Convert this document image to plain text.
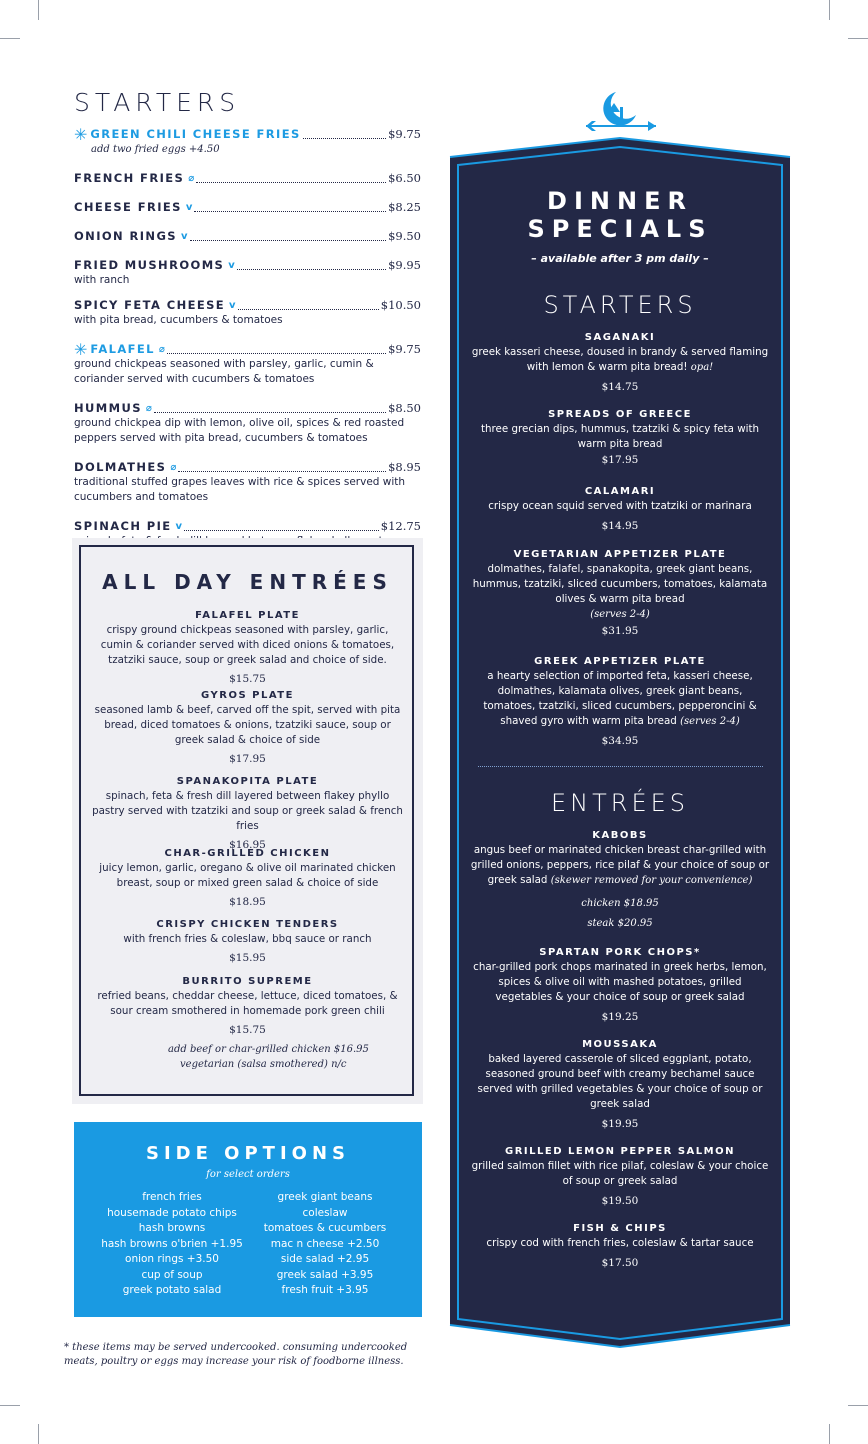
STARTERS
✳ GREEN CHILI CHEESE FRIES	$9.75
add two fried eggs +4.50
FRENCH FRIES ⌀	$6.50
CHEESE FRIES v	$8.25
ONION RINGS v	$9.50
FRIED MUSHROOMS v	$9.95
with ranch
SPICY FETA CHEESE v	$10.50
with pita bread, cucumbers & tomatoes
✳ FALAFEL ⌀	$9.75
ground chickpeas seasoned with parsley, garlic, cumin & coriander served with cucumbers & tomatoes
HUMMUS ⌀	$8.50
ground chickpea dip with lemon, olive oil, spices & red roasted peppers served with pita bread, cucumbers & tomatoes
DOLMATHES ⌀	$8.95
traditional stuffed grapes leaves with rice & spices served with cucumbers and tomatoes
SPINACH PIE v	$12.75
ALL DAY ENTRÉES
FALAFEL PLATE
crispy ground chickpeas seasoned with parsley, garlic, cumin & coriander served with diced onions & tomatoes, tzatziki sauce, soup or greek salad and choice of side.
$15.75
GYROS PLATE
seasoned lamb & beef, carved off the spit, served with pita bread, diced tomatoes & onions, tzatziki sauce, soup or greek salad & choice of side
$17.95
SPANAKOPITA PLATE
spinach, feta & fresh dill layered between flakey phyllo pastry served with tzatziki and soup or greek salad & french fries
$16.95
CHAR-GRILLED CHICKEN
juicy lemon, garlic, oregano & olive oil marinated chicken breast, soup or mixed green salad & choice of side
$18.95
CRISPY CHICKEN TENDERS
with french fries & coleslaw, bbq sauce or ranch
$15.95
BURRITO SUPREME
refried beans, cheddar cheese, lettuce, diced tomatoes, & sour cream smothered in homemade pork green chili
$15.75
add beef or char-grilled chicken $16.95
vegetarian (salsa smothered) n/c
SIDE OPTIONS
for select orders
french fries
housemade potato chips
hash browns
hash browns o'brien +1.95
onion rings +3.50
cup of soup
greek potato salad
greek giant beans
coleslaw
tomatoes & cucumbers
mac n cheese +2.50
side salad +2.95
greek salad +3.95
fresh fruit +3.95
* these items may be served undercooked. consuming undercooked meats, poultry or eggs may increase your risk of foodborne illness.
DINNER
SPECIALS
– available after 3 pm daily –
STARTERS
SAGANAKI
greek kasseri cheese, doused in brandy & served flaming with lemon & warm pita bread! opa!
$14.75
SPREADS OF GREECE
three grecian dips, hummus, tzatziki & spicy feta with warm pita bread
$17.95
CALAMARI
crispy ocean squid served with tzatziki or marinara
$14.95
VEGETARIAN APPETIZER PLATE
dolmathes, falafel, spanakopita, greek giant beans, hummus, tzatziki, sliced cucumbers, tomatoes, kalamata olives & warm pita bread
(serves 2-4)
$31.95
GREEK APPETIZER PLATE
a hearty selection of imported feta, kasseri cheese, dolmathes, kalamata olives, greek giant beans, tomatoes, tzatziki, sliced cucumbers, pepperoncini & shaved gyro with warm pita bread (serves 2-4)
$34.95
ENTRÉES
KABOBS
angus beef or marinated chicken breast char-grilled with grilled onions, peppers, rice pilaf & your choice of soup or greek salad (skewer removed for your convenience)
chicken $18.95
steak $20.95
SPARTAN PORK CHOPS*
char-grilled pork chops marinated in greek herbs, lemon, spices & olive oil with mashed potatoes, grilled vegetables & your choice of soup or greek salad
$19.25
MOUSSAKA
baked layered casserole of sliced eggplant, potato, seasoned ground beef with creamy bechamel sauce served with grilled vegetables & your choice of soup or greek salad
$19.95
GRILLED LEMON PEPPER SALMON
grilled salmon fillet with rice pilaf, coleslaw & your choice of soup or greek salad
$19.50
FISH & CHIPS
crispy cod with french fries, coleslaw & tartar sauce
$17.50
